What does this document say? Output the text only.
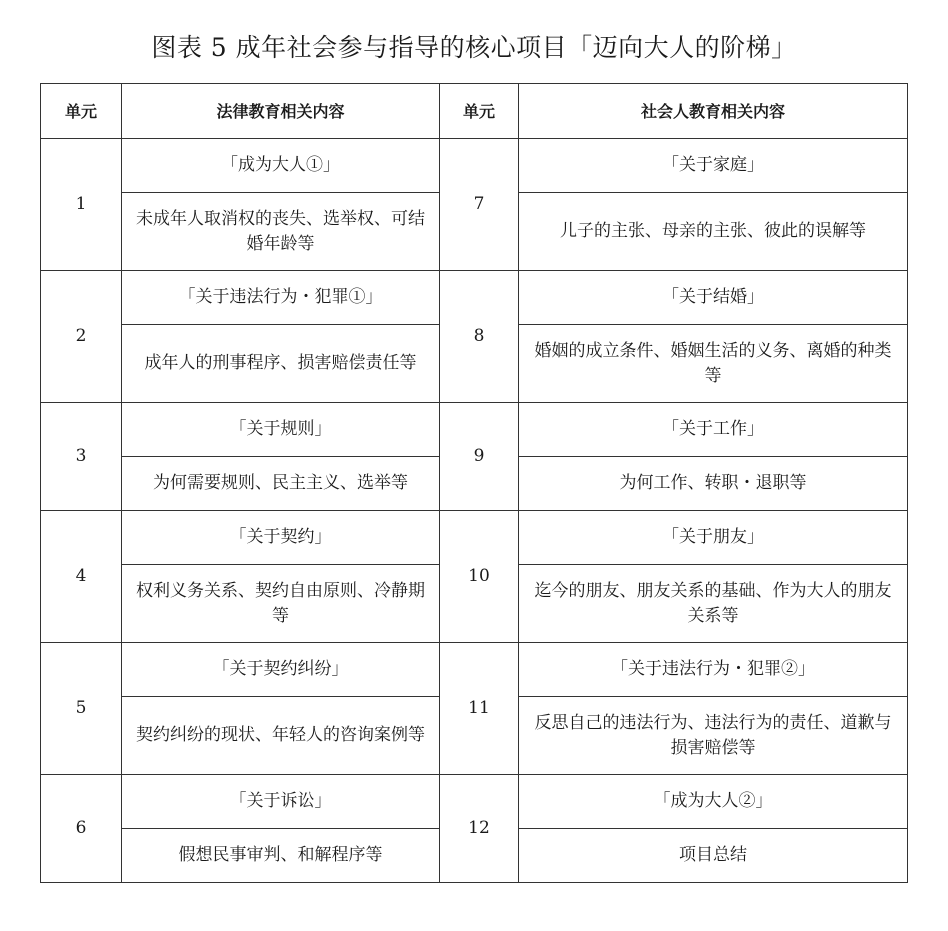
图表 5 成年社会参与指导的核心项目「迈向大人的阶梯」
单元	法律教育相关内容	单元	社会人教育相关内容
1	「成为大人①」	7	「关于家庭」
	未成年人取消权的丧失、选举权、可结婚年龄等		儿子的主张、母亲的主张、彼此的误解等
2	「关于违法行为・犯罪①」	8	「关于结婚」
	成年人的刑事程序、损害赔偿责任等		婚姻的成立条件、婚姻生活的义务、离婚的种类等
3	「关于规则」	9	「关于工作」
	为何需要规则、民主主义、选举等		为何工作、转职・退职等
4	「关于契约」	10	「关于朋友」
	权利义务关系、契约自由原则、冷静期等		迄今的朋友、朋友关系的基础、作为大人的朋友关系等
5	「关于契约纠纷」	11	「关于违法行为・犯罪②」
	契约纠纷的现状、年轻人的咨询案例等		反思自己的违法行为、违法行为的责任、道歉与损害赔偿等
6	「关于诉讼」	12	「成为大人②」
	假想民事审判、和解程序等		项目总结
